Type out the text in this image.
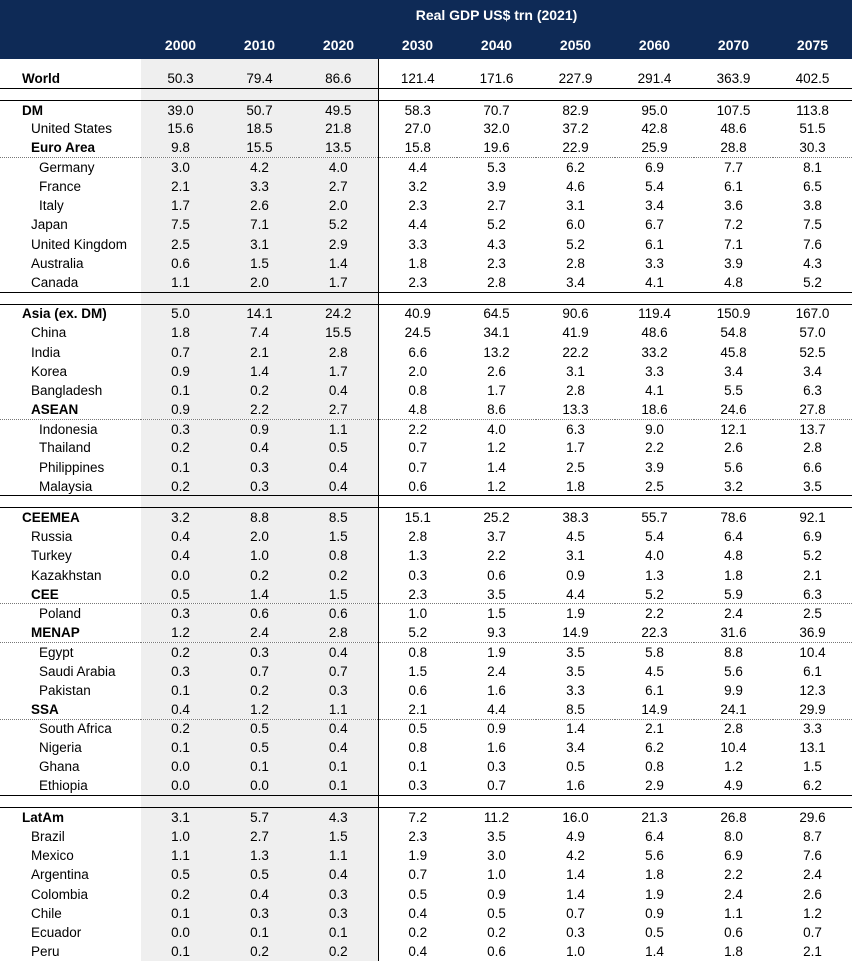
	Real GDP US$ trn (2021)								
	2000	2010	2020	2030	2040	2050	2060	2070	2075

World	50.3	79.4	86.6	121.4	171.6	227.9	291.4	363.9	402.5

DM	39.0	50.7	49.5	58.3	70.7	82.9	95.0	107.5	113.8
United States	15.6	18.5	21.8	27.0	32.0	37.2	42.8	48.6	51.5
Euro Area	9.8	15.5	13.5	15.8	19.6	22.9	25.9	28.8	30.3
Germany	3.0	4.2	4.0	4.4	5.3	6.2	6.9	7.7	8.1
France	2.1	3.3	2.7	3.2	3.9	4.6	5.4	6.1	6.5
Italy	1.7	2.6	2.0	2.3	2.7	3.1	3.4	3.6	3.8
Japan	7.5	7.1	5.2	4.4	5.2	6.0	6.7	7.2	7.5
United Kingdom	2.5	3.1	2.9	3.3	4.3	5.2	6.1	7.1	7.6
Australia	0.6	1.5	1.4	1.8	2.3	2.8	3.3	3.9	4.3
Canada	1.1	2.0	1.7	2.3	2.8	3.4	4.1	4.8	5.2

Asia (ex. DM)	5.0	14.1	24.2	40.9	64.5	90.6	119.4	150.9	167.0
China	1.8	7.4	15.5	24.5	34.1	41.9	48.6	54.8	57.0
India	0.7	2.1	2.8	6.6	13.2	22.2	33.2	45.8	52.5
Korea	0.9	1.4	1.7	2.0	2.6	3.1	3.3	3.4	3.4
Bangladesh	0.1	0.2	0.4	0.8	1.7	2.8	4.1	5.5	6.3
ASEAN	0.9	2.2	2.7	4.8	8.6	13.3	18.6	24.6	27.8
Indonesia	0.3	0.9	1.1	2.2	4.0	6.3	9.0	12.1	13.7
Thailand	0.2	0.4	0.5	0.7	1.2	1.7	2.2	2.6	2.8
Philippines	0.1	0.3	0.4	0.7	1.4	2.5	3.9	5.6	6.6
Malaysia	0.2	0.3	0.4	0.6	1.2	1.8	2.5	3.2	3.5

CEEMEA	3.2	8.8	8.5	15.1	25.2	38.3	55.7	78.6	92.1
Russia	0.4	2.0	1.5	2.8	3.7	4.5	5.4	6.4	6.9
Turkey	0.4	1.0	0.8	1.3	2.2	3.1	4.0	4.8	5.2
Kazakhstan	0.0	0.2	0.2	0.3	0.6	0.9	1.3	1.8	2.1
CEE	0.5	1.4	1.5	2.3	3.5	4.4	5.2	5.9	6.3
Poland	0.3	0.6	0.6	1.0	1.5	1.9	2.2	2.4	2.5
MENAP	1.2	2.4	2.8	5.2	9.3	14.9	22.3	31.6	36.9
Egypt	0.2	0.3	0.4	0.8	1.9	3.5	5.8	8.8	10.4
Saudi Arabia	0.3	0.7	0.7	1.5	2.4	3.5	4.5	5.6	6.1
Pakistan	0.1	0.2	0.3	0.6	1.6	3.3	6.1	9.9	12.3
SSA	0.4	1.2	1.1	2.1	4.4	8.5	14.9	24.1	29.9
South Africa	0.2	0.5	0.4	0.5	0.9	1.4	2.1	2.8	3.3
Nigeria	0.1	0.5	0.4	0.8	1.6	3.4	6.2	10.4	13.1
Ghana	0.0	0.1	0.1	0.1	0.3	0.5	0.8	1.2	1.5
Ethiopia	0.0	0.0	0.1	0.3	0.7	1.6	2.9	4.9	6.2

LatAm	3.1	5.7	4.3	7.2	11.2	16.0	21.3	26.8	29.6
Brazil	1.0	2.7	1.5	2.3	3.5	4.9	6.4	8.0	8.7
Mexico	1.1	1.3	1.1	1.9	3.0	4.2	5.6	6.9	7.6
Argentina	0.5	0.5	0.4	0.7	1.0	1.4	1.8	2.2	2.4
Colombia	0.2	0.4	0.3	0.5	0.9	1.4	1.9	2.4	2.6
Chile	0.1	0.3	0.3	0.4	0.5	0.7	0.9	1.1	1.2
Ecuador	0.0	0.1	0.1	0.2	0.2	0.3	0.5	0.6	0.7
Peru	0.1	0.2	0.2	0.4	0.6	1.0	1.4	1.8	2.1
